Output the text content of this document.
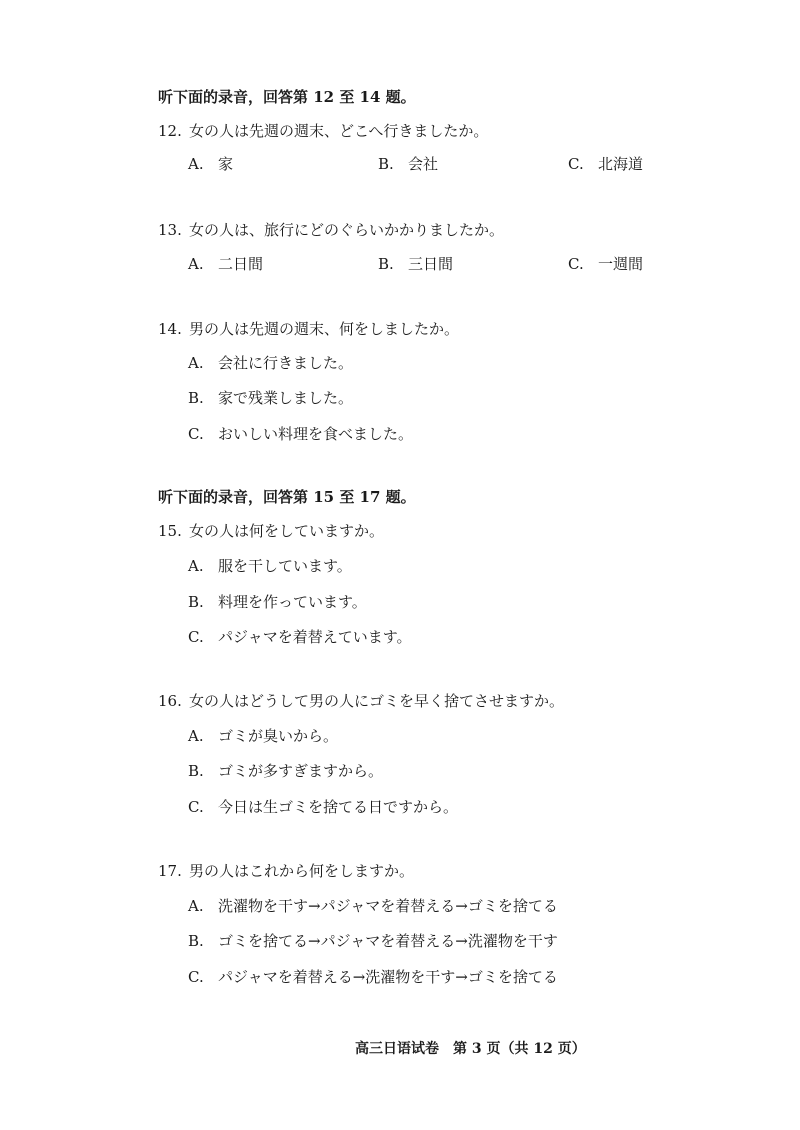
听下面的录音，回答第 12 至 14 题。
12. 女の人は先週の週末、どこへ行きましたか。
A. 家	B. 会社	C. 北海道
13. 女の人は、旅行にどのぐらいかかりましたか。
A. 二日間	B. 三日間	C. 一週間
14. 男の人は先週の週末、何をしましたか。
A. 会社に行きました。
B. 家で残業しました。
C. おいしい料理を食べました。
听下面的录音，回答第 15 至 17 题。
15. 女の人は何をしていますか。
A. 服を干しています。
B. 料理を作っています。
C. パジャマを着替えています。
16. 女の人はどうして男の人にゴミを早く捨てさせますか。
A. ゴミが臭いから。
B. ゴミが多すぎますから。
C. 今日は生ゴミを捨てる日ですから。
17. 男の人はこれから何をしますか。
A. 洗濯物を干す→パジャマを着替える→ゴミを捨てる
B. ゴミを捨てる→パジャマを着替える→洗濯物を干す
C. パジャマを着替える→洗濯物を干す→ゴミを捨てる
高三日语试卷　第 3 页（共 12 页）
